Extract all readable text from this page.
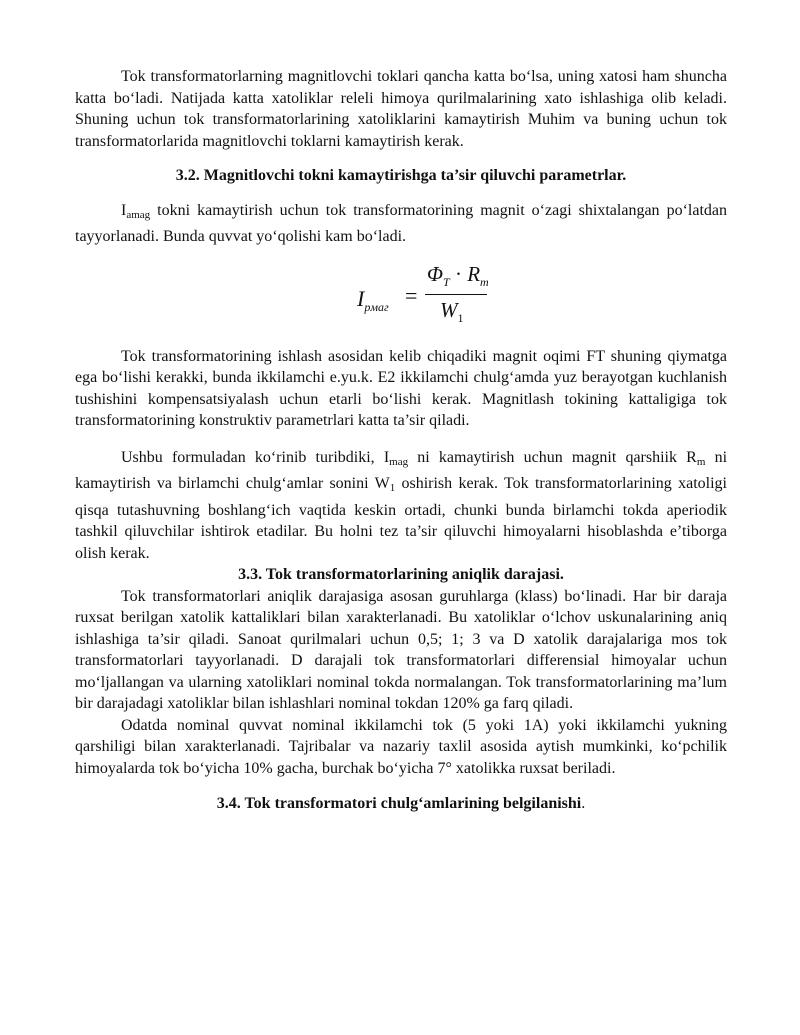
Tok transformatorlarning magnitlovchi toklari qancha katta bo‘lsa, uning xatosi ham shuncha katta bo‘ladi. Natijada katta xatoliklar releli himoya qurilmalarining xato ishlashiga olib keladi. Shuning uchun tok transformatorlarining xatoliklarini kamaytirish Muhim va buning uchun tok transformatorlarida magnitlovchi toklarni kamaytirish kerak.

3.2. Magnitlovchi tokni kamaytirishga ta’sir qiluvchi parametrlar.

Iamag tokni kamaytirish uchun tok transformatorining magnit o‘zagi shixtalangan po‘latdan tayyorlanadi. Bunda quvvat yo‘qolishi kam bo‘ladi.

$I_{pмаг}$ =
$\Phi_T \cdot R_m$
$W_1$

Tok transformatorining ishlash asosidan kelib chiqadiki magnit oqimi FT shuning qiymatga ega bo‘lishi kerakki, bunda ikkilamchi e.yu.k. E2 ikkilamchi chulg‘amda yuz berayotgan kuchlanish tushishini kompensatsiyalash uchun etarli bo‘lishi kerak. Magnitlash tokining kattaligiga tok transformatorining konstruktiv parametrlari katta ta’sir qiladi.

Ushbu formuladan ko‘rinib turibdiki, Imag ni kamaytirish uchun magnit qarshiik Rm ni kamaytirish va birlamchi chulg‘amlar sonini W1 oshirish kerak. Tok transformatorlarining xatoligi qisqa tutashuvning boshlang‘ich vaqtida keskin ortadi, chunki bunda birlamchi tokda aperiodik tashkil qiluvchilar ishtirok etadilar. Bu holni tez ta’sir qiluvchi himoyalarni hisoblashda e’tiborga olish kerak.

3.3. Tok transformatorlarining aniqlik darajasi.

Tok transformatorlari aniqlik darajasiga asosan guruhlarga (klass) bo‘linadi. Har bir daraja ruxsat berilgan xatolik kattaliklari bilan xarakterlanadi. Bu xatoliklar o‘lchov uskunalarining aniq ishlashiga ta’sir qiladi. Sanoat qurilmalari uchun 0,5; 1; 3 va D xatolik darajalariga mos tok transformatorlari tayyorlanadi. D darajali tok transformatorlari differensial himoyalar uchun mo‘ljallangan va ularning xatoliklari nominal tokda normalangan. Tok transformatorlarining ma’lum bir darajadagi xatoliklar bilan ishlashlari nominal tokdan 120% ga farq qiladi.

Odatda nominal quvvat nominal ikkilamchi tok (5 yoki 1A) yoki ikkilamchi yukning qarshiligi bilan xarakterlanadi. Tajribalar va nazariy taxlil asosida aytish mumkinki, ko‘pchilik himoyalarda tok bo‘yicha 10% gacha, burchak bo‘yicha 7° xatolikka ruxsat beriladi.

3.4. Tok transformatori chulg‘amlarining belgilanishi.
